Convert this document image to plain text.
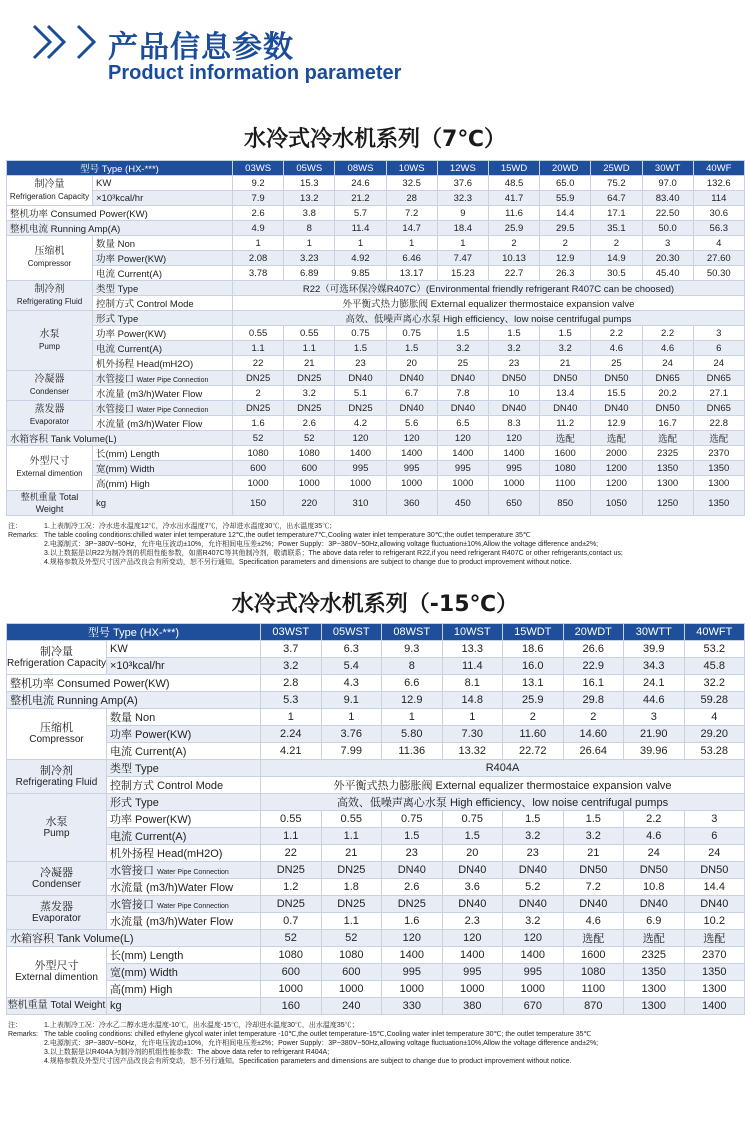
产品信息参数
Product information parameter
水冷式冷水机系列（7℃）
型号 Type (HX-***)		03WS	05WS	08WS	10WS	12WS	15WD	20WD	25WD	30WT	40WF

制冷量
Refrigeration Capacity	KW	9.2	15.3	24.6	32.5	37.6	48.5	65.0	75.2	97.0	132.6
	×10³kcal/hr	7.9	13.2	21.2	28	32.3	41.7	55.9	64.7	83.40	114
整机功率 Consumed Power(KW)		2.6	3.8	5.7	7.2	9	11.6	14.4	17.1	22.50	30.6
整机电流 Running Amp(A)		4.9	8	11.4	14.7	18.4	25.9	29.5	35.1	50.0	56.3

压缩机
Compressor	数量 Non	1	1	1	1	1	2	2	2	3	4
	功率 Power(KW)	2.08	3.23	4.92	6.46	7.47	10.13	12.9	14.9	20.30	27.60
	电流 Current(A)	3.78	6.89	9.85	13.17	15.23	22.7	26.3	30.5	45.40	50.30

制冷剂
Refrigerating Fluid	类型 Type	R22（可选环保冷媒R407C）(Environmental friendly refrigerant R407C can be choosed)									
	控制方式 Control Mode	外平衡式热力膨胀阀 External equalizer thermostaice expansion valve									

水泵
Pump	形式 Type	高效、低噪声离心水泵 High efficiency、low noise centrifugal pumps									
	功率 Power(KW)	0.55	0.55	0.75	0.75	1.5	1.5	1.5	2.2	2.2	3
	电流 Current(A)	1.1	1.1	1.5	1.5	3.2	3.2	3.2	4.6	4.6	6
	机外扬程 Head(mH2O)	22	21	23	20	25	23	21	25	24	24

冷凝器
Condenser	水管接口 Water Pipe Connection	DN25	DN25	DN40	DN40	DN40	DN50	DN50	DN50	DN65	DN65
	水流量 (m3/h)Water Flow	2	3.2	5.1	6.7	7.8	10	13.4	15.5	20.2	27.1

蒸发器
Evaporator	水管接口 Water Pipe Connection	DN25	DN25	DN25	DN40	DN40	DN40	DN40	DN40	DN50	DN65
	水流量 (m3/h)Water Flow	1.6	2.6	4.2	5.6	6.5	8.3	11.2	12.9	16.7	22.8
水箱容积 Tank Volume(L)		52	52	120	120	120	120	选配	选配	选配	选配

外型尺寸
External dimention	长(mm) Length	1080	1080	1400	1400	1400	1400	1600	2000	2325	2370
	宽(mm) Width	600	600	995	995	995	995	1080	1200	1350	1350
	高(mm) High	1000	1000	1000	1000	1000	1000	1100	1200	1300	1300
整机重量 Total Weight	kg	150	220	310	360	450	650	850	1050	1250	1350
注：	1.上表制冷工况：冷水进水温度12℃，冷水出水温度7℃，冷却进水温度30℃，出水温度35℃；
Remarks: The table cooling conditions:chilled water inlet temperature 12℃,the outlet temperature7℃,Cooling water inlet temperature 30℃;the outlet temperature 35℃
2.电源制式：3P~380V~50Hz，允许电压波动±10%，允许相间电压差±2%；Power Supply：3P~380V~50Hz,allowing voltage fluctuation±10%,Allow the voltage difference and±2%;
3.以上数据是以R22为制冷剂的机组性能参数，如需R407C等其他制冷剂，敬请联系；The above data refer to refrigerant R22,if you need refrigerant R407C or other refrigerants,contact us;
4.规格参数及外型尺寸因产品改良会有所变动，恕不另行通知。Specification parameters and dimensions are subject to change due to product improvement without notice.
水冷式冷水机系列（-15℃）
型号 Type (HX-***)		03WST	05WST	08WST	10WST	15WDT	20WDT	30WTT	40WFT

制冷量
Refrigeration Capacity	KW	3.7	6.3	9.3	13.3	18.6	26.6	39.9	53.2
	×10³kcal/hr	3.2	5.4	8	11.4	16.0	22.9	34.3	45.8
整机功率 Consumed Power(KW)		2.8	4.3	6.6	8.1	13.1	16.1	24.1	32.2
整机电流 Running Amp(A)		5.3	9.1	12.9	14.8	25.9	29.8	44.6	59.28

压缩机
Compressor	数量 Non	1	1	1	1	2	2	3	4
	功率 Power(KW)	2.24	3.76	5.80	7.30	11.60	14.60	21.90	29.20
	电流 Current(A)	4.21	7.99	11.36	13.32	22.72	26.64	39.96	53.28

制冷剂
Refrigerating Fluid	类型 Type	R404A							
	控制方式 Control Mode	外平衡式热力膨胀阀 External equalizer thermostaice expansion valve							

水泵
Pump	形式 Type	高效、低噪声离心水泵 High efficiency、low noise centrifugal pumps							
	功率 Power(KW)	0.55	0.55	0.75	0.75	1.5	1.5	2.2	3
	电流 Current(A)	1.1	1.1	1.5	1.5	3.2	3.2	4.6	6
	机外扬程 Head(mH2O)	22	21	23	20	23	21	24	24

冷凝器
Condenser	水管接口 Water Pipe Connection	DN25	DN25	DN40	DN40	DN40	DN50	DN50	DN50
	水流量 (m3/h)Water Flow	1.2	1.8	2.6	3.6	5.2	7.2	10.8	14.4

蒸发器
Evaporator	水管接口 Water Pipe Connection	DN25	DN25	DN25	DN40	DN40	DN40	DN40	DN40
	水流量 (m3/h)Water Flow	0.7	1.1	1.6	2.3	3.2	4.6	6.9	10.2
水箱容积 Tank Volume(L)		52	52	120	120	120	选配	选配	选配

外型尺寸
External dimention	长(mm) Length	1080	1080	1400	1400	1400	1600	2325	2370
	宽(mm) Width	600	600	995	995	995	1080	1350	1350
	高(mm) High	1000	1000	1000	1000	1000	1100	1300	1300
整机重量 Total Weight	kg	160	240	330	380	670	870	1300	1400
注：	1.上表制冷工况：冷水乙二醇水进水温度-10℃，出水温度-15℃，冷却进水温度30℃，出水温度35℃；
Remarks: The table cooling conditions: chilled ethylene glycol water inlet temperature -10℃,the outlet temperature-15℃,Cooling water inlet temperature 30℃; the outlet temperature 35℃
2.电源制式：3P~380V~50Hz，允许电压波动±10%，允许相间电压差±2%；Power Supply：3P~380V~50Hz,allowing voltage fluctuation±10%,Allow the voltage difference and±2%;
3.以上数据是以R404A为制冷剂的机组性能参数：The above data refer to refrigerant R404A;
4.规格参数及外型尺寸因产品改良会有所变动，恕不另行通知。Specification parameters and dimensions are subject to change due to product improvement without notice.
